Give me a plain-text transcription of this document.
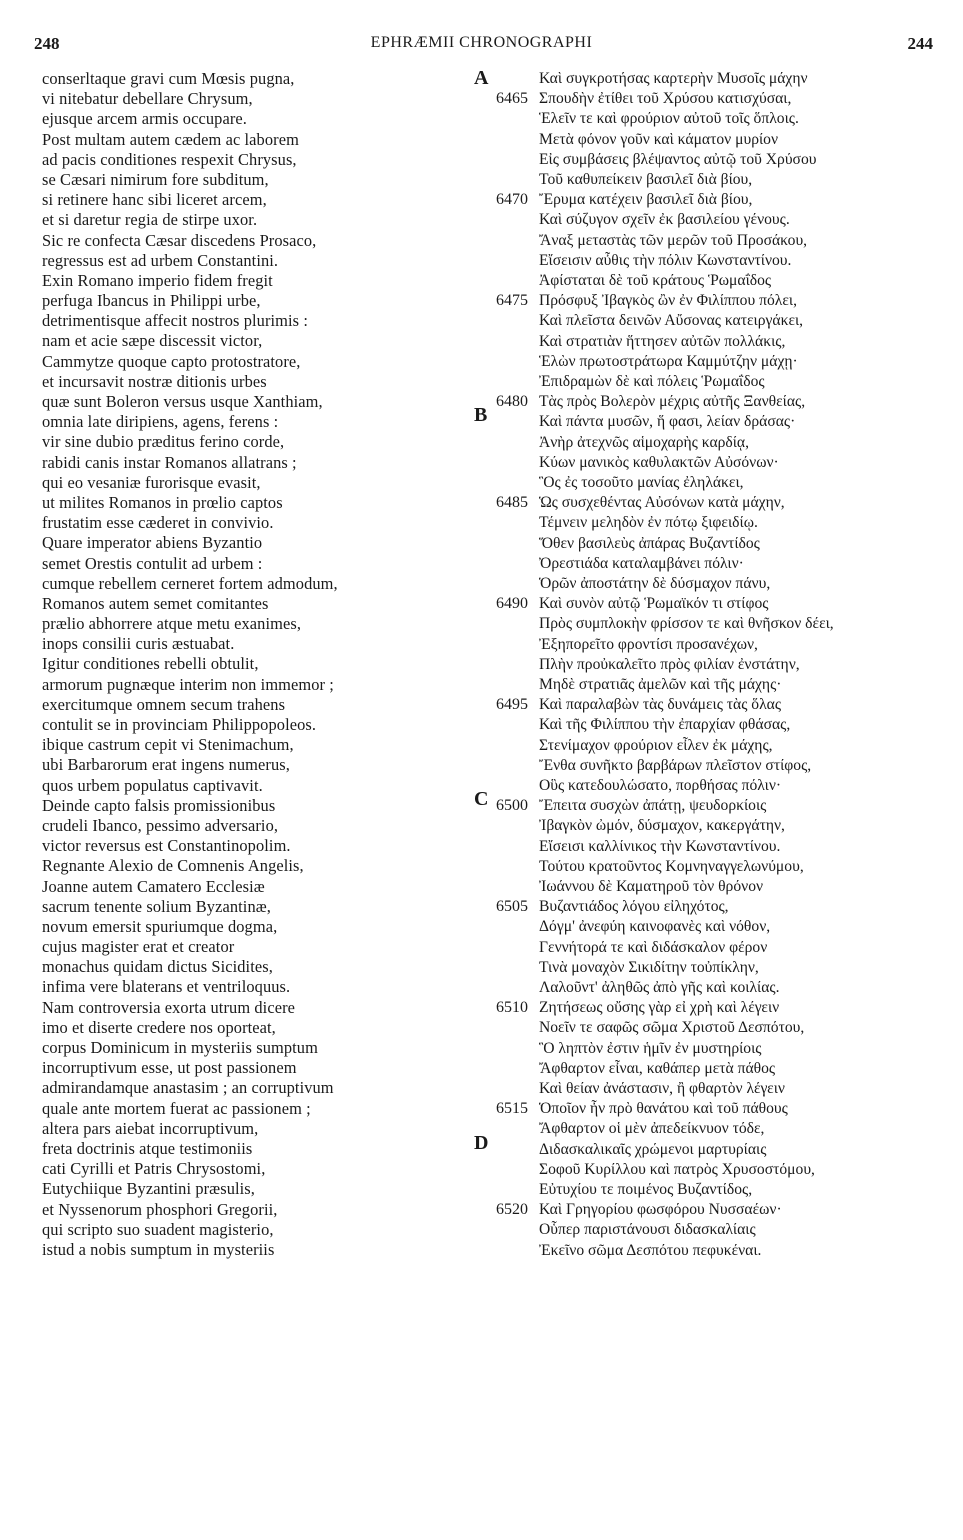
248	EPHRÆMII CHRONOGRAPHI	244
conserltaque gravi cum Mœsis pugna,
vi nitebatur debellare Chrysum,
ejusque arcem armis occupare.
Post multam autem cædem ac laborem
ad pacis conditiones respexit Chrysus,
se Cæsari nimirum fore subditum,
si retinere hanc sibi liceret arcem,
et si daretur regia de stirpe uxor.
Sic re confecta Cæsar discedens Prosaco,
regressus est ad urbem Constantini.
Exin Romano imperio fidem fregit
perfuga Ibancus in Philippi urbe,
detrimentisque affecit nostros plurimis :
nam et acie sæpe discessit victor,
Cammytze quoque capto protostratore,
et incursavit nostræ ditionis urbes
quæ sunt Boleron versus usque Xanthiam,
omnia late diripiens, agens, ferens :
vir sine dubio præditus ferino corde,
rabidi canis instar Romanos allatrans ;
qui eo vesaniæ furorisque evasit,
ut milites Romanos in prœlio captos
frustatim esse cæderet in convivio.
Quare imperator abiens Byzantio
semet Orestis contulit ad urbem :
cumque rebellem cerneret fortem admodum,
Romanos autem semet comitantes
prælio abhorrere atque metu exanimes,
inops consilii curis æstuabat.
Igitur conditiones rebelli obtulit,
armorum pugnæque interim non immemor ;
exercitumque omnem secum trahens
contulit se in provinciam Philippopoleos.
ibique castrum cepit vi Stenimachum,
ubi Barbarorum erat ingens numerus,
quos urbem populatus captivavit.
Deinde capto falsis promissionibus
crudeli Ibanco, pessimo adversario,
victor reversus est Constantinopolim.
Regnante Alexio de Comnenis Angelis,
Joanne autem Camatero Ecclesiæ
sacrum tenente solium Byzantinæ,
novum emersit spuriumque dogma,
cujus magister erat et creator
monachus quidam dictus Sicidites,
infima vere blaterans et ventriloquus.
Nam controversia exorta utrum dicere
imo et diserte credere nos oporteat,
corpus Dominicum in mysteriis sumptum
incorruptivum esse, ut post passionem
admirandamque anastasim ; an corruptivum
quale ante mortem fuerat ac passionem ;
altera pars aiebat incorruptivum,
freta doctrinis atque testimoniis
cati Cyrilli et Patris Chrysostomi,
Eutychiique Byzantini præsulis,
et Nyssenorum phosphori Gregorii,
qui scripto suo suadent magisterio,
istud a nobis sumptum in mysteriis
Καὶ συγκροτήσας καρτερὴν Μυσοῖς μάχην
6465 Σπουδὴν ἐτίθει τοῦ Χρύσου κατισχύσαι,
Ἑλεῖν τε καὶ φρούριον αὐτοῦ τοῖς ὅπλοις.
Μετὰ φόνον γοῦν καὶ κάματον μυρίον
Εἰς συμβάσεις βλέψαντος αὐτῷ τοῦ Χρύσου
Τοῦ καθυπείκειν βασιλεῖ διὰ βίου,
6470 Ἔρυμα κατέχειν βασιλεῖ διὰ βίου,
Καὶ σύζυγον σχεῖν ἐκ βασιλείου γένους.
Ἄναξ μεταστὰς τῶν μερῶν τοῦ Προσάκου,
Εἴσεισιν αὖθις τὴν πόλιν Κωνσταντίνου.
Ἀφίσταται δὲ τοῦ κράτους Ῥωμαΐδος
6475 Πρόσφυξ Ἰβαγκὸς ὢν ἐν Φιλίππου πόλει,
Καὶ πλεῖστα δεινῶν Αὔσονας κατειργάκει,
Καὶ στρατιὰν ἥττησεν αὐτῶν πολλάκις,
Ἑλὼν πρωτοστράτωρα Καμμύτζην μάχῃ·
Ἐπιδραμὼν δὲ καὶ πόλεις Ῥωμαΐδος
6480 Τὰς πρὸς Βολερὸν μέχρις αὐτῆς Ξανθείας,
Καὶ πάντα μυσῶν, ἥ φασι, λείαν δράσας·
Ἀνὴρ ἀτεχνῶς αἱμοχαρὴς καρδίᾳ,
Κύων μανικὸς καθυλακτῶν Αὐσόνων·
Ὃς ἐς τοσοῦτο μανίας ἐληλάκει,
6485 Ὡς συσχεθέντας Αὐσόνων κατὰ μάχην,
Τέμνειν μεληδὸν ἐν πότῳ ξιφειδίῳ.
Ὅθεν βασιλεὺς ἀπάρας Βυζαντίδος
Ὀρεστιάδα καταλαμβάνει πόλιν·
Ὁρῶν ἀποστάτην δὲ δύσμαχον πάνυ,
6490 Καὶ συνὸν αὐτῷ Ῥωμαϊκόν τι στίφος
Πρὸς συμπλοκὴν φρίσσον τε καὶ θνῆσκον δέει,
Ἐξηπορεῖτο φροντίσι προσανέχων,
Πλὴν προὐκαλεῖτο πρὸς φιλίαν ἐνστάτην,
Μηδὲ στρατιᾶς ἀμελῶν καὶ τῆς μάχης·
6495 Καὶ παραλαβὼν τὰς δυνάμεις τὰς ὅλας
Καὶ τῆς Φιλίππου τὴν ἐπαρχίαν φθάσας,
Στενίμαχον φρούριον εἶλεν ἐκ μάχης,
Ἔνθα συνῆκτο βαρβάρων πλεῖστον στίφος,
Οὓς κατεδουλώσατο, πορθήσας πόλιν·
6500 Ἔπειτα συσχὼν ἀπάτῃ, ψευδορκίοις
Ἰβαγκὸν ὠμόν, δύσμαχον, κακεργάτην,
Εἴσεισι καλλίνικος τὴν Κωνσταντίνου.
Τούτου κρατοῦντος Κομνηναγγελωνύμου,
Ἰωάννου δὲ Καματηροῦ τὸν θρόνον
6505 Βυζαντιάδος λόγου εἰληχότος,
Δόγμ' ἀνεφύη καινοφανὲς καὶ νόθον,
Γεννήτορά τε καὶ διδάσκαλον φέρον
Τινὰ μοναχὸν Σικιδίτην τοὐπίκλην,
Λαλοῦντ' ἀληθῶς ἀπὸ γῆς καὶ κοιλίας.
6510 Ζητήσεως οὔσης γὰρ εἰ χρὴ καὶ λέγειν
Νοεῖν τε σαφῶς σῶμα Χριστοῦ Δεσπότου,
Ὃ ληπτὸν ἐστιν ἡμῖν ἐν μυστηρίοις
Ἄφθαρτον εἶναι, καθάπερ μετὰ πάθος
Καὶ θείαν ἀνάστασιν, ἢ φθαρτὸν λέγειν
6515 Ὁποῖον ἦν πρὸ θανάτου καὶ τοῦ πάθους
Ἄφθαρτον οἱ μὲν ἀπεδείκνυον τόδε,
Διδασκαλικαῖς χρώμενοι μαρτυρίαις
Σοφοῦ Κυρίλλου καὶ πατρὸς Χρυσοστόμου,
Εὐτυχίου τε ποιμένος Βυζαντίδος,
6520 Καὶ Γρηγορίου φωσφόρου Νυσσαέων·
Οὗπερ παριστάνουσι διδασκαλίαις
Ἐκεῖνο σῶμα Δεσπότου πεφυκέναι.
A
B
C
D
